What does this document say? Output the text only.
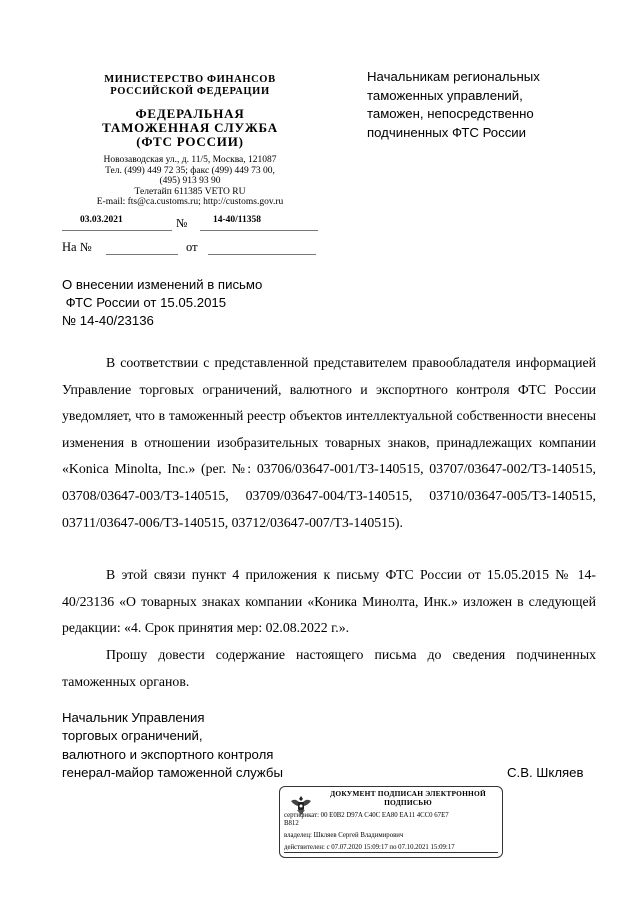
МИНИСТЕРСТВО ФИНАНСОВ
РОССИЙСКОЙ ФЕДЕРАЦИИ
ФЕДЕРАЛЬНАЯ
ТАМОЖЕННАЯ СЛУЖБА
(ФТС РОССИИ)
Новозаводская ул., д. 11/5, Москва, 121087
Тел. (499) 449 72 35; факс (499) 449 73 00,
(495) 913 93 90
Телетайп 611385 VETO RU
E-mail: fts@ca.customs.ru; http://customs.gov.ru
03.03.2021	№	14-40/11358
На №	от
Начальникам региональных
таможенных управлений,
таможен, непосредственно
подчиненных ФТС России
О внесении изменений в письмо
ФТС России от 15.05.2015
№ 14-40/23136

В соответствии с представленной представителем правообладателя информацией Управление торговых ограничений, валютного и экспортного контроля ФТС России уведомляет, что в таможенный реестр объектов интеллектуальной собственности внесены изменения в отношении изобразительных товарных знаков, принадлежащих компании «Konica Minolta, Inc.» (рег. №: 03706/03647-001/ТЗ-140515, 03707/03647-002/ТЗ-140515, 03708/03647-003/ТЗ-140515, 03709/03647-004/ТЗ-140515, 03710/03647-005/ТЗ-140515, 03711/03647-006/ТЗ-140515, 03712/03647-007/ТЗ-140515).

В этой связи пункт 4 приложения к письму ФТС России от 15.05.2015 № 14-40/23136 «О товарных знаках компании «Коника Минолта, Инк.» изложен в следующей редакции: «4. Срок принятия мер: 02.08.2022 г.».

Прошу довести содержание настоящего письма до сведения подчиненных таможенных органов.

Начальник Управления
торговых ограничений,
валютного и экспортного контроля
генерал-майор таможенной службы	С.В. Шкляев
ДОКУМЕНТ ПОДПИСАН ЭЛЕКТРОННОЙ
ПОДПИСЬЮ
сертификат: 00 E0B2 D97A C40C EA80 EA11 4CC0 67E7
B812
владелец: Шкляев Сергей Владимирович
действителен: с 07.07.2020 15:09:17 по 07.10.2021 15:09:17
